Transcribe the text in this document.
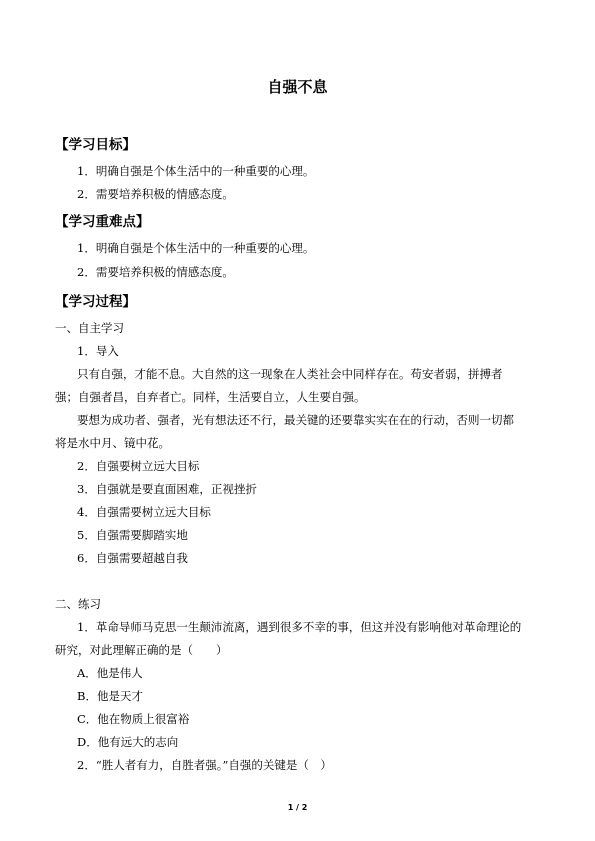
自强不息
【学习目标】
1．明确自强是个体生活中的一种重要的心理。
2．需要培养积极的情感态度。
【学习重难点】
1．明确自强是个体生活中的一种重要的心理。
2．需要培养积极的情感态度。
【学习过程】
一、自主学习
1．导入
只有自强，才能不息。大自然的这一现象在人类社会中同样存在。苟安者弱，拼搏者
强；自强者昌，自弃者亡。同样，生活要自立，人生要自强。
要想为成功者、强者，光有想法还不行，最关键的还要靠实实在在的行动，否则一切都
将是水中月、镜中花。
2．自强要树立远大目标
3．自强就是要直面困难，正视挫折
4．自强需要树立远大目标
5．自强需要脚踏实地
6．自强需要超越自我
二、练习
1．革命导师马克思一生颠沛流离，遇到很多不幸的事，但这并没有影响他对革命理论的
研究，对此理解正确的是（　　）
A．他是伟人
B．他是天才
C．他在物质上很富裕
D．他有远大的志向
2．“胜人者有力，自胜者强。”自强的关键是（　）
1 / 2
